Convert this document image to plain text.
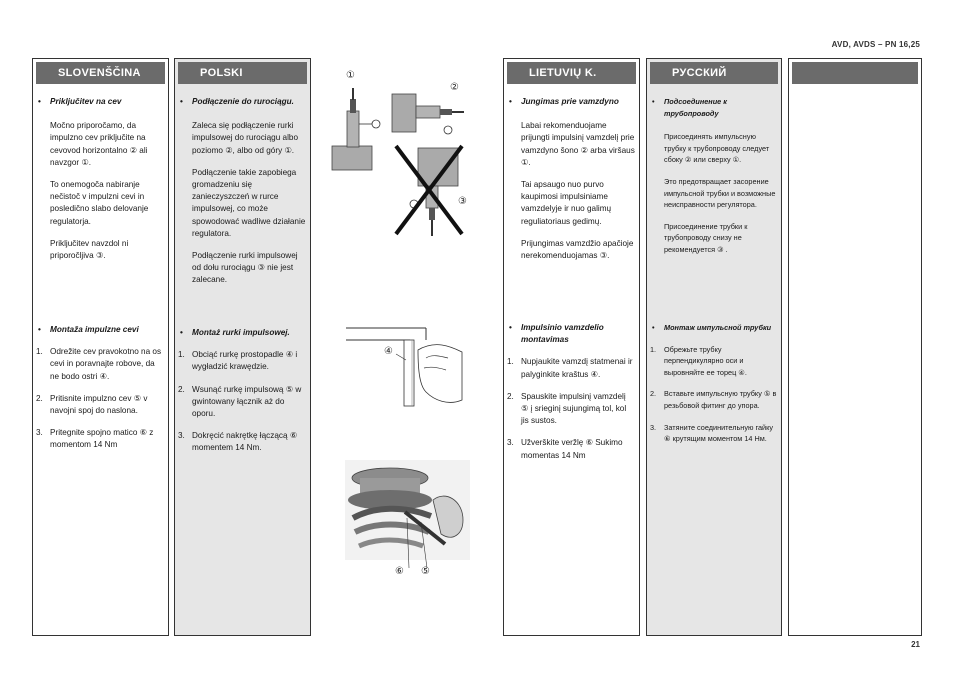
AVD, AVDS – PN 16,25
SLOVENŠČINA
• Priključitev na cev
Močno priporočamo, da impulzno cev priključite na cevovod horizontalno ② ali navzgor ①.
To onemogoča nabiranje nečistoč v impulzni cevi in posledično slabo delovanje regulatorja.
Priključitev navzdol ni priporočljiva ③.
• Montaža impulzne cevi
1. Odrežite cev pravokotno na os cevi in poravnajte robove, da ne bodo ostri ④.
2. Pritisnite impulzno cev ⑤ v navojni spoj do naslona.
3. Pritegnite spojno matico ⑥ z momentom 14 Nm
POLSKI
• Podłączenie do rurociągu.
Zaleca się podłączenie rurki impulsowej do rurociągu albo poziomo ②, albo od góry ①.
Podłączenie takie zapobiega gromadzeniu się zanieczyszczeń w rurce impulsowej, co może spowodować wadliwe działanie regulatora.
Podłączenie rurki impulsowej od dołu rurociągu ③ nie jest zalecane.
• Montaż rurki impulsowej.
1. Obciąć rurkę prostopadle ④ i wygładzić krawędzie.
2. Wsunąć rurkę impulsową ⑤ w gwintowany łącznik aż do oporu.
3. Dokręcić nakrętkę łączącą ⑥ momentem 14 Nm.
①
②
③
④
⑥ ⑤
LIETUVIŲ K.
• Jungimas prie vamzdyno
Labai rekomenduojame prijungti impulsinį vamzdelį prie vamzdyno šono ② arba viršaus ①.
Tai apsaugo nuo purvo kaupimosi impulsiniame vamzdelyje ir nuo galimų reguliatoriaus gedimų.
Prijungimas vamzdžio apačioje nerekomenduojamas ③.
• Impulsinio vamzdelio montavimas
1. Nupjaukite vamzdį statmenai ir palyginkite kraštus ④.
2. Spauskite impulsinį vamzdelį ⑤ į srieginį sujungimą tol, kol jis sustos.
3. Užverškite veržlę ⑥ Sukimo momentas 14 Nm
РУССКИЙ
• Подсоединение к трубопроводу
Присоединять импульсную трубку к трубопроводу следует сбоку ② или сверху ①.
Это предотвращает засорение импульсной трубки и возможные неисправности регулятора.
Присоединение трубки к трубопроводу снизу не рекомендуется ③ .
• Монтаж импульсной трубки
1. Обрежьте трубку перпендикулярно оси и выровняйте ее торец ④.
2. Вставьте импульсную трубку ⑤ в резьбовой фитинг до упора.
3. Затяните соединительную гайку ⑥ крутящим моментом 14 Нм.
21
